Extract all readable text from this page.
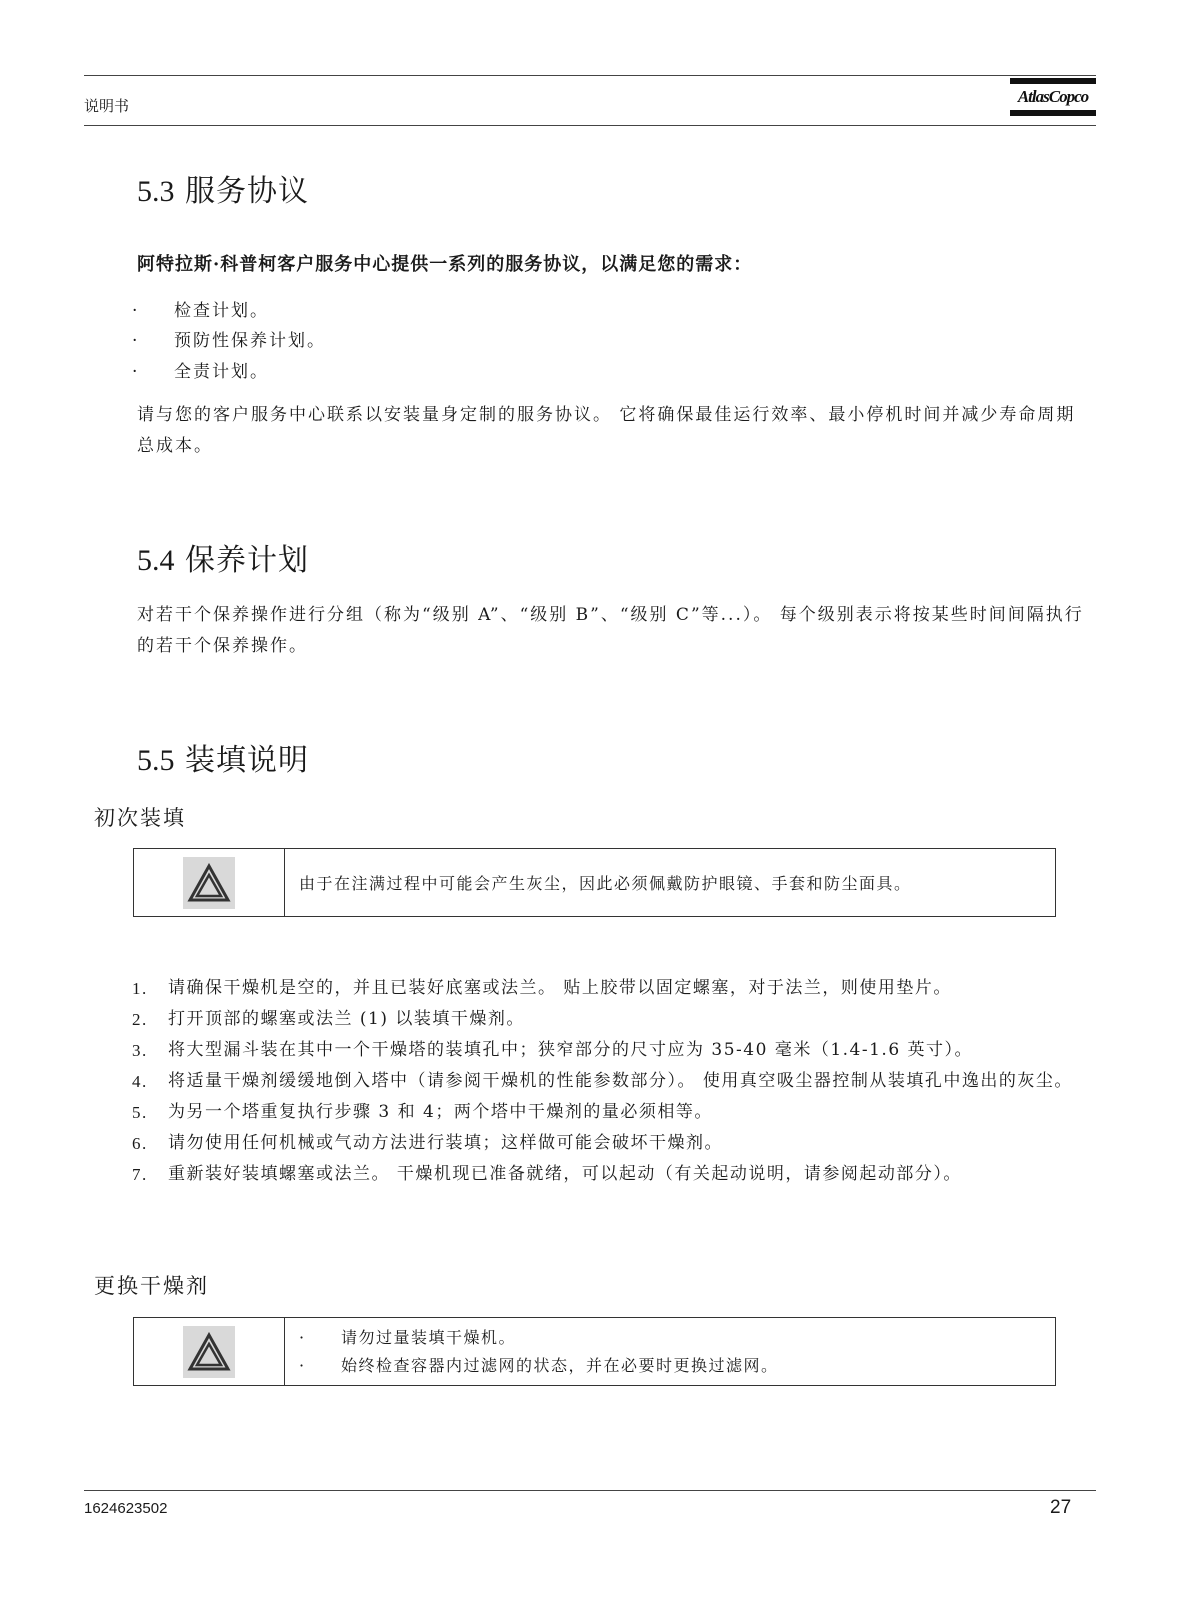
说明书	AtlasCopco
5.3 服务协议
阿特拉斯·科普柯客户服务中心提供一系列的服务协议，以满足您的需求：
· 检查计划。
· 预防性保养计划。
· 全责计划。
请与您的客户服务中心联系以安装量身定制的服务协议。 它将确保最佳运行效率、最小停机时间并减少寿命周期总成本。
5.4 保养计划
对若干个保养操作进行分组（称为“级别 A”、“级别 B”、“级别 C”等...）。 每个级别表示将按某些时间间隔执行的若干个保养操作。
5.5 装填说明
初次装填
由于在注满过程中可能会产生灰尘，因此必须佩戴防护眼镜、手套和防尘面具。
1. 请确保干燥机是空的，并且已装好底塞或法兰。 贴上胶带以固定螺塞，对于法兰，则使用垫片。
2. 打开顶部的螺塞或法兰 (1) 以装填干燥剂。
3. 将大型漏斗装在其中一个干燥塔的装填孔中；狭窄部分的尺寸应为 35-40 毫米（1.4-1.6 英寸）。
4. 将适量干燥剂缓缓地倒入塔中（请参阅干燥机的性能参数部分）。 使用真空吸尘器控制从装填孔中逸出的灰尘。
5. 为另一个塔重复执行步骤 3 和 4；两个塔中干燥剂的量必须相等。
6. 请勿使用任何机械或气动方法进行装填；这样做可能会破坏干燥剂。
7. 重新装好装填螺塞或法兰。 干燥机现已准备就绪，可以起动（有关起动说明，请参阅起动部分）。
更换干燥剂
· 请勿过量装填干燥机。
· 始终检查容器内过滤网的状态，并在必要时更换过滤网。
1624623502	27
